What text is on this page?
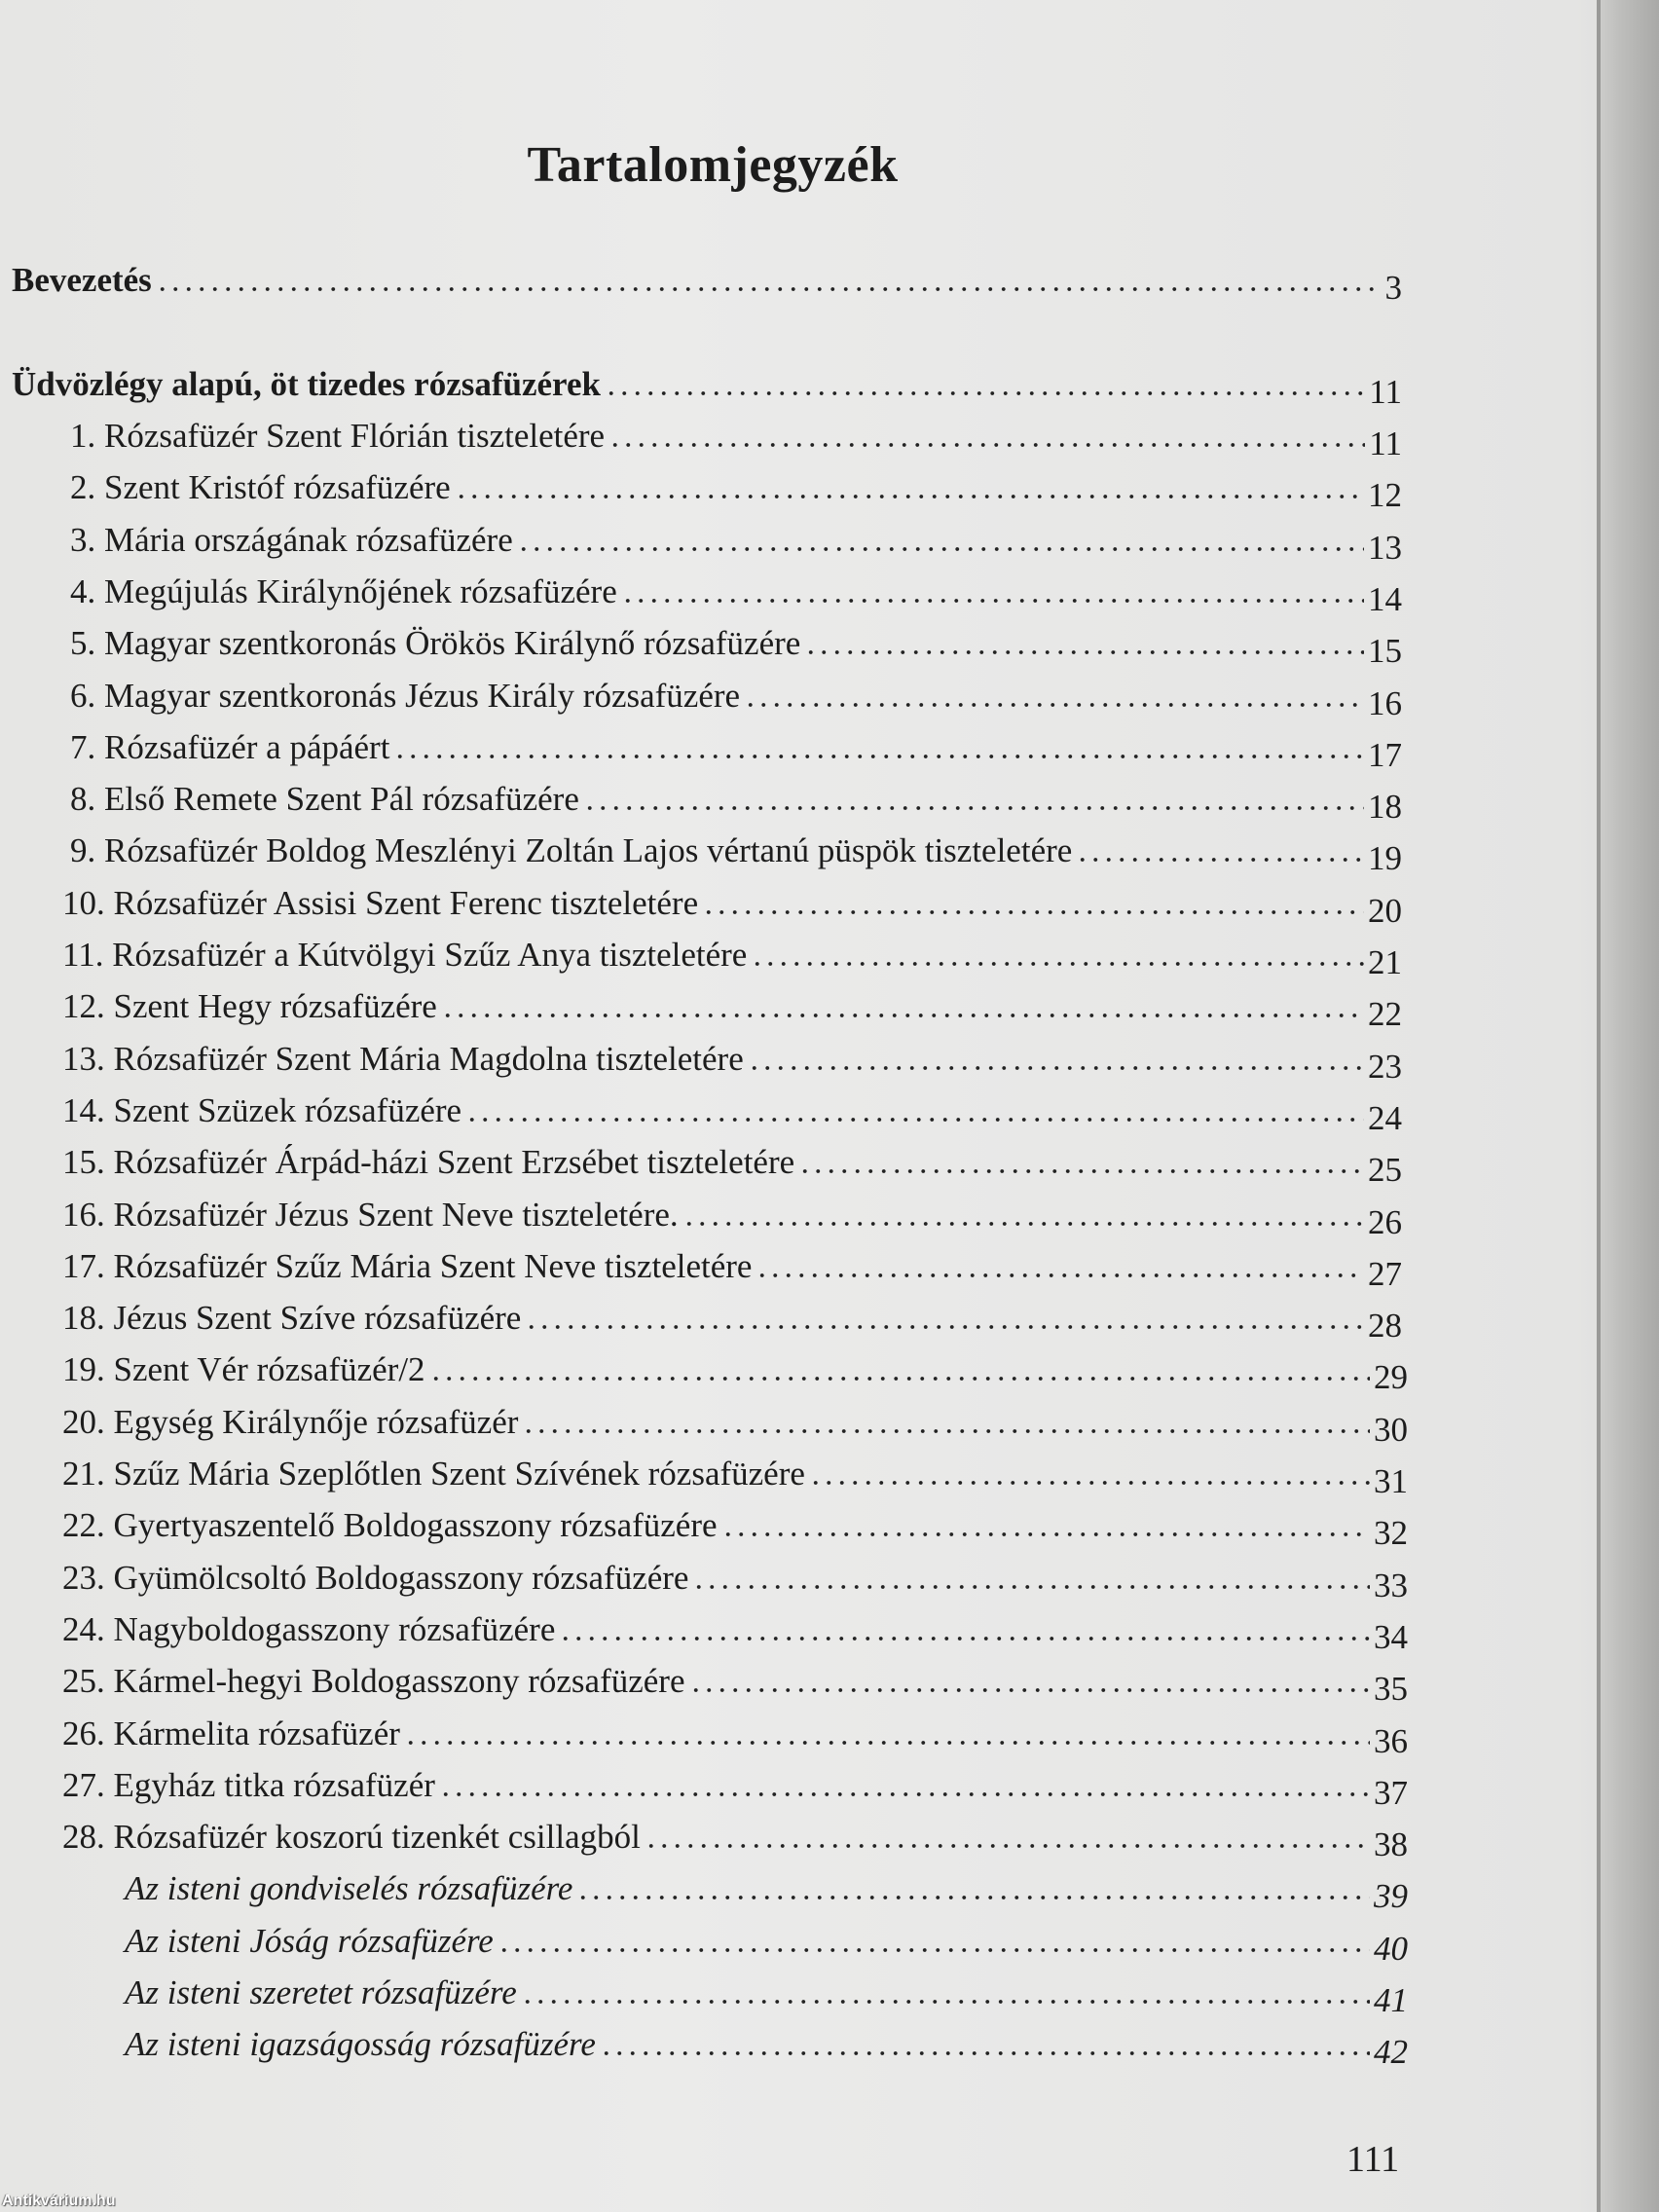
Tartalomjegyzék
Bevezetés	3
Üdvözlégy alapú, öt tizedes rózsafüzérek	11
1. Rózsafüzér Szent Flórián tiszteletére	11
2. Szent Kristóf rózsafüzére	12
3. Mária országának rózsafüzére	13
4. Megújulás Királynőjének rózsafüzére	14
5. Magyar szentkoronás Örökös Királynő rózsafüzére	15
6. Magyar szentkoronás Jézus Király rózsafüzére	16
7. Rózsafüzér a pápáért	17
8. Első Remete Szent Pál rózsafüzére	18
9. Rózsafüzér Boldog Meszlényi Zoltán Lajos vértanú püspök tiszteletére	19
10. Rózsafüzér Assisi Szent Ferenc tiszteletére	20
11. Rózsafüzér a Kútvölgyi Szűz Anya tiszteletére	21
12. Szent Hegy rózsafüzére	22
13. Rózsafüzér Szent Mária Magdolna tiszteletére	23
14. Szent Szüzek rózsafüzére	24
15. Rózsafüzér Árpád-házi Szent Erzsébet tiszteletére	25
16. Rózsafüzér Jézus Szent Neve tiszteletére.	26
17. Rózsafüzér Szűz Mária Szent Neve tiszteletére	27
18. Jézus Szent Szíve rózsafüzére	28
19. Szent Vér rózsafüzér/2	29
20. Egység Királynője rózsafüzér	30
21. Szűz Mária Szeplőtlen Szent Szívének rózsafüzére	31
22. Gyertyaszentelő Boldogasszony rózsafüzére	32
23. Gyümölcsoltó Boldogasszony rózsafüzére	33
24. Nagyboldogasszony rózsafüzére	34
25. Kármel-hegyi Boldogasszony rózsafüzére	35
26. Kármelita rózsafüzér	36
27. Egyház titka rózsafüzér	37
28. Rózsafüzér koszorú tizenkét csillagból	38
Az isteni gondviselés rózsafüzére	39
Az isteni Jóság rózsafüzére	40
Az isteni szeretet rózsafüzére	41
Az isteni igazságosság rózsafüzére	42
111
Antikvárium.hu
